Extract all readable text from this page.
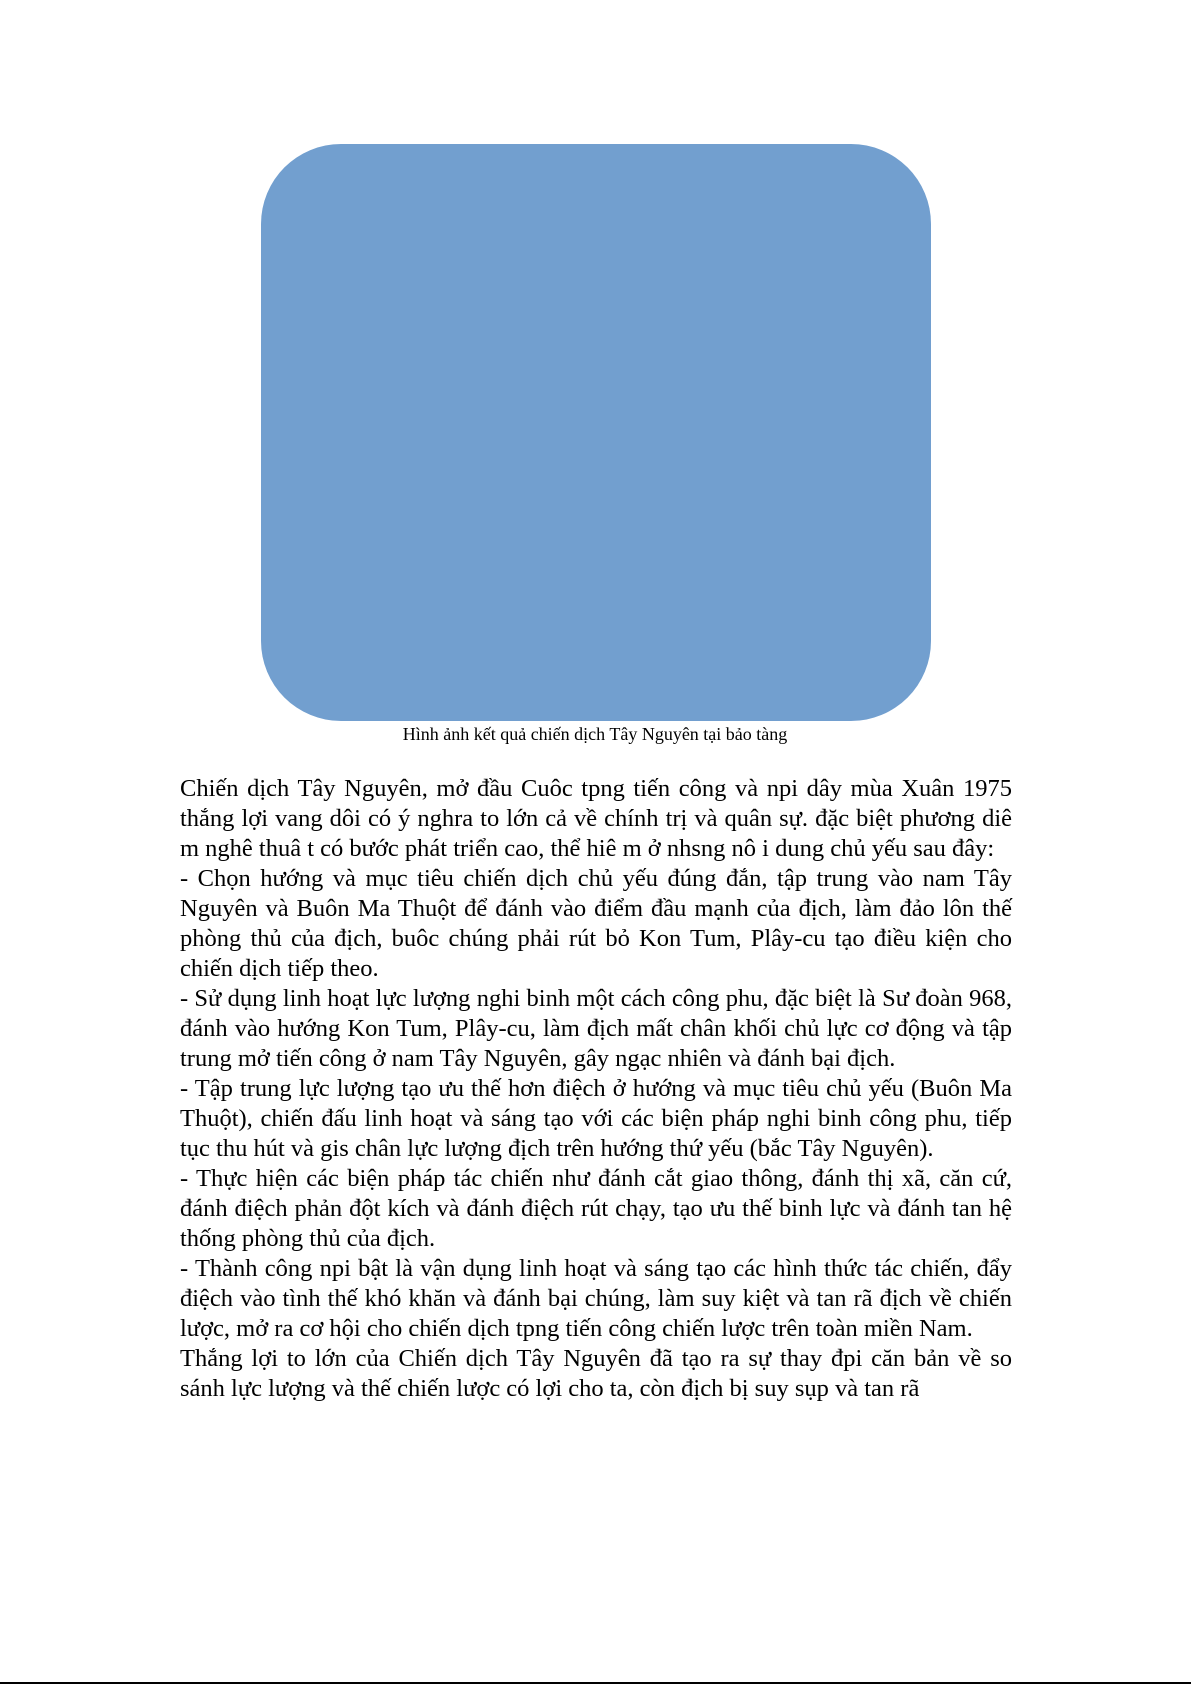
Hình ảnh kết quả chiến dịch Tây Nguyên tại bảo tàng

Chiến dịch Tây Nguyên, mở đầu Cuôc tpng tiến công và npi dây mùa Xuân 1975 thắng lợi vang dôi có ý nghra to lớn cả về chính trị và quân sự. đặc biệt phương diê m nghê thuâ t có bước phát triển cao, thể hiê m ở nhsng nô i dung chủ yếu sau đây:

- Chọn hướng và mục tiêu chiến dịch chủ yếu đúng đắn, tập trung vào nam Tây Nguyên và Buôn Ma Thuột để đánh vào điểm đầu mạnh của địch, làm đảo lôn thế phòng thủ của địch, buôc chúng phải rút bỏ Kon Tum, Plây-cu tạo điều kiện cho chiến dịch tiếp theo.

- Sử dụng linh hoạt lực lượng nghi binh một cách công phu, đặc biệt là Sư đoàn 968, đánh vào hướng Kon Tum, Plây-cu, làm địch mất chân khối chủ lực cơ động và tập trung mở tiến công ở nam Tây Nguyên, gây ngạc nhiên và đánh bại địch.

- Tập trung lực lượng tạo ưu thế hơn điệch ở hướng và mục tiêu chủ yếu (Buôn Ma Thuột), chiến đấu linh hoạt và sáng tạo với các biện pháp nghi binh công phu, tiếp tục thu hút và gis chân lực lượng địch trên hướng thứ yếu (bắc Tây Nguyên).

- Thực hiện các biện pháp tác chiến như đánh cắt giao thông, đánh thị xã, căn cứ, đánh điệch phản đột kích và đánh điệch rút chạy, tạo ưu thế binh lực và đánh tan hệ thống phòng thủ của địch.

- Thành công npi bật là vận dụng linh hoạt và sáng tạo các hình thức tác chiến, đẩy điệch vào tình thế khó khăn và đánh bại chúng, làm suy kiệt và tan rã địch về chiến lược, mở ra cơ hội cho chiến dịch tpng tiến công chiến lược trên toàn miền Nam.

Thắng lợi to lớn của Chiến dịch Tây Nguyên đã tạo ra sự thay đpi căn bản về so sánh lực lượng và thế chiến lược có lợi cho ta, còn địch bị suy sụp và tan rã
